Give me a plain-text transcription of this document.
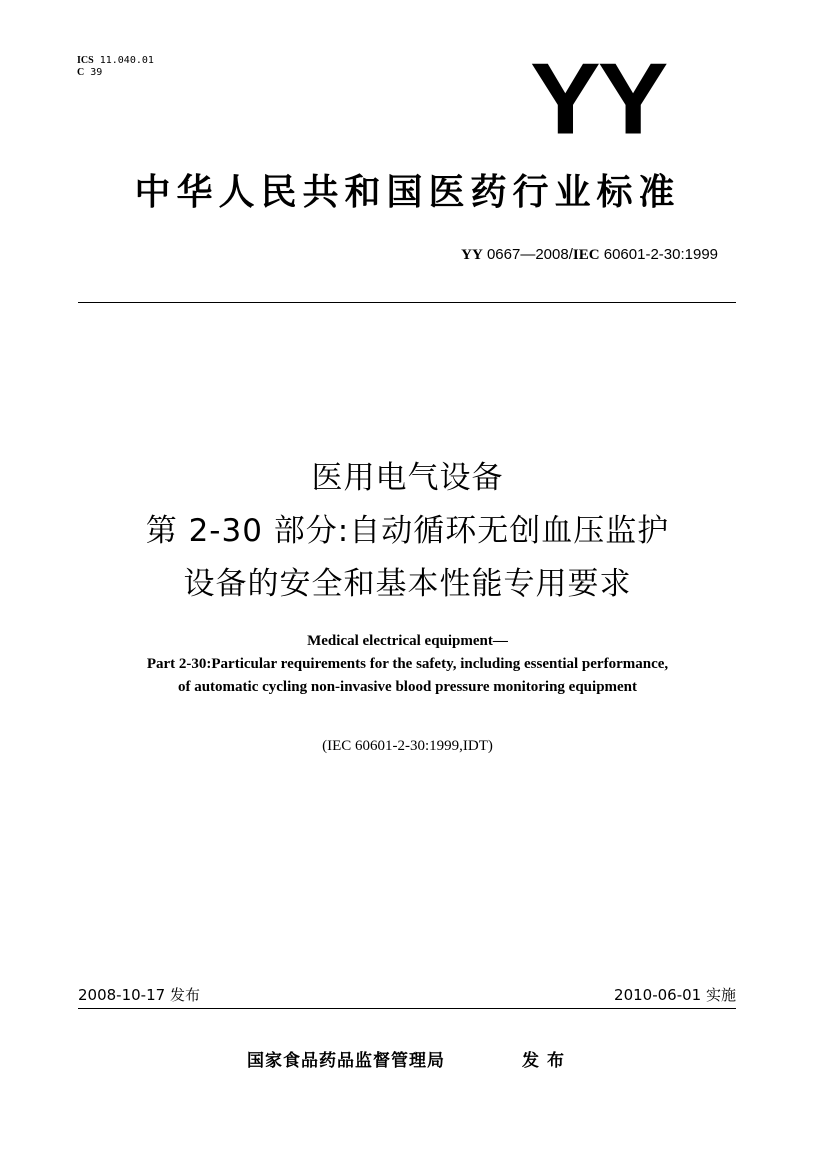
ICS 11.040.01
C 39	YY
中华人民共和国医药行业标准
YY 0667—2008/IEC 60601-2-30:1999
医用电气设备
第 2-30 部分:自动循环无创血压监护
设备的安全和基本性能专用要求
Medical electrical equipment—
Part 2-30:Particular requirements for the safety, including essential performance,
of automatic cycling non-invasive blood pressure monitoring equipment
(IEC 60601-2-30:1999,IDT)
2008-10-17 发布	2010-06-01 实施
国家食品药品监督管理局	发布
